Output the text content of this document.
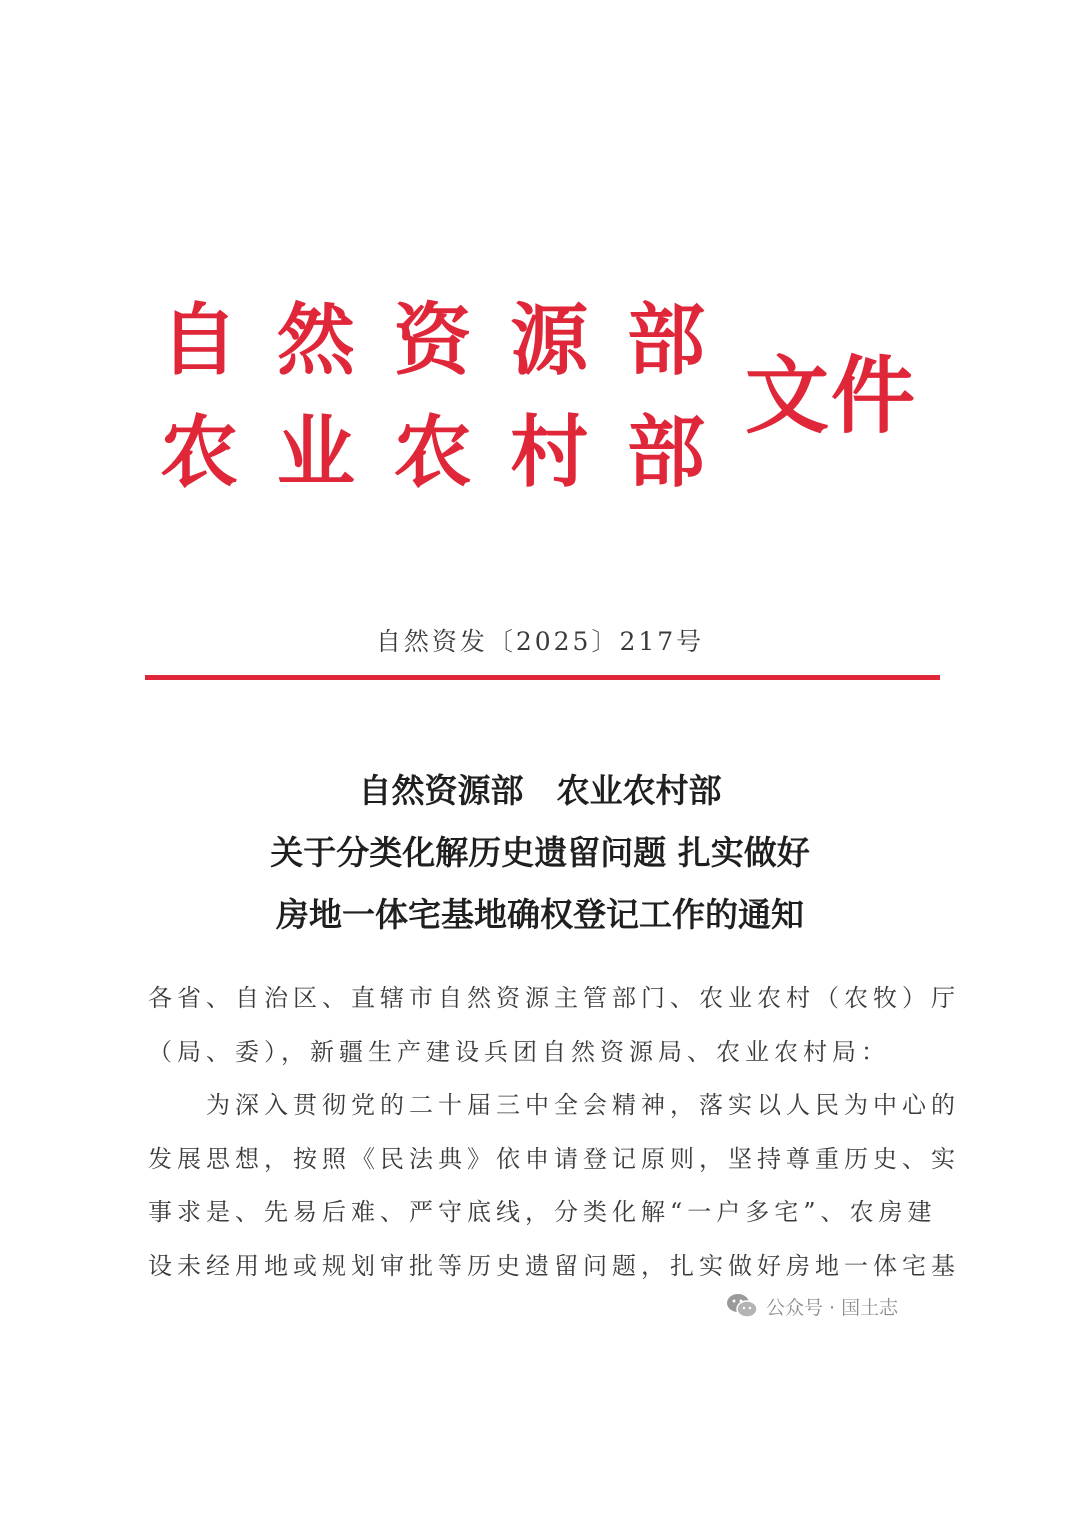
自 然 资 源 部
农 业 农 村 部
文件
自然资发〔2025〕217号
自然资源部　农业农村部
关于分类化解历史遗留问题 扎实做好
房地一体宅基地确权登记工作的通知
各省、自治区、直辖市自然资源主管部门、农业农村（农牧）厅
（局、委），新疆生产建设兵团自然资源局、农业农村局：
为深入贯彻党的二十届三中全会精神，落实以人民为中心的
发展思想，按照《民法典》依申请登记原则，坚持尊重历史、实
事求是、先易后难、严守底线，分类化解“一户多宅”、农房建
设未经用地或规划审批等历史遗留问题，扎实做好房地一体宅基
公众号 · 国土志
